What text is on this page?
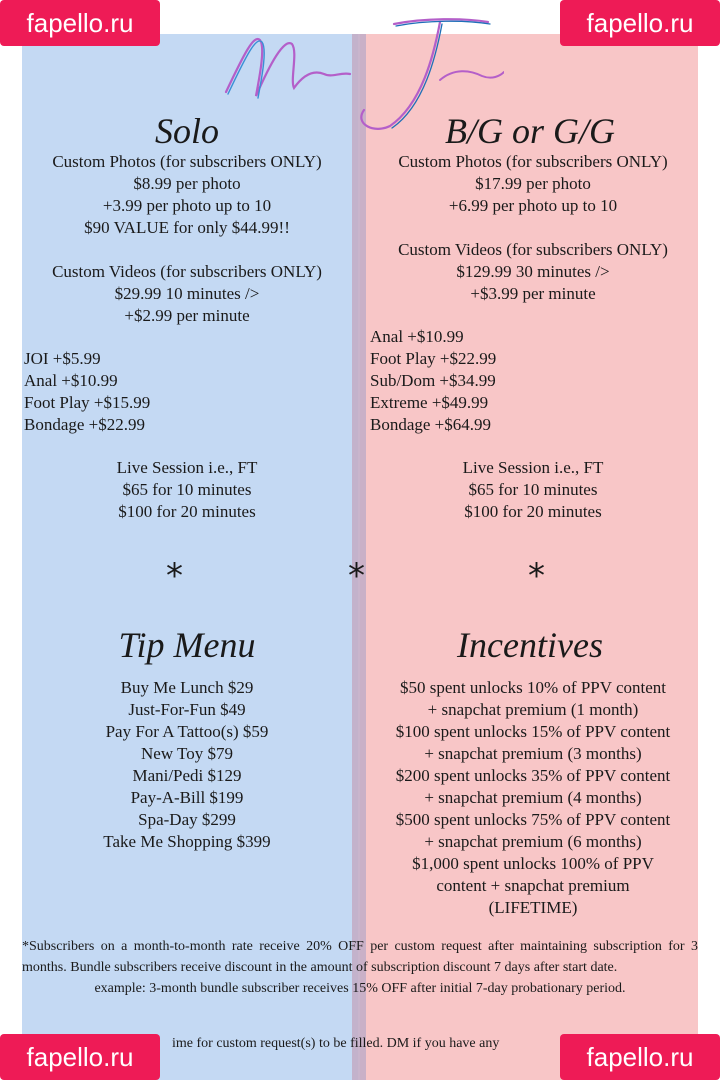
Solo	B/G or G/G
Custom Photos (for subscribers ONLY)
$8.99 per photo
+3.99 per photo up to 10
$90 VALUE for only $44.99!!
Custom Videos (for subscribers ONLY)
$29.99 10 minutes />
+$2.99 per minute
JOI +$5.99
Anal +$10.99
Foot Play +$15.99
Bondage +$22.99
Live Session i.e., FT
$65 for 10 minutes
$100 for 20 minutes
Custom Photos (for subscribers ONLY)
$17.99 per photo
+6.99 per photo up to 10
Custom Videos (for subscribers ONLY)
$129.99 30 minutes />
+$3.99 per minute
Anal +$10.99
Foot Play +$22.99
Sub/Dom +$34.99
Extreme +$49.99
Bondage +$64.99
Live Session i.e., FT
$65 for 10 minutes
$100 for 20 minutes
*	*	*
Tip Menu
Buy Me Lunch $29
Just-For-Fun $49
Pay For A Tattoo(s) $59
New Toy $79
Mani/Pedi $129
Pay-A-Bill $199
Spa-Day $299
Take Me Shopping $399
Incentives
$50 spent unlocks 10% of PPV content
+ snapchat premium (1 month)
$100 spent unlocks 15% of PPV content
+ snapchat premium (3 months)
$200 spent unlocks 35% of PPV content
+ snapchat premium (4 months)
$500 spent unlocks 75% of PPV content
+ snapchat premium (6 months)
$1,000 spent unlocks 100% of PPV
content + snapchat premium
(LIFETIME)
*Subscribers on a month-to-month rate receive 20% OFF per custom request after maintaining subscription for 3 months. Bundle subscribers receive discount in the amount of subscription discount 7 days after start date.
example: 3-month bundle subscriber receives 15% OFF after initial 7-day probationary period.
ime for custom request(s) to be filled. DM if you have any
fapello.ru	fapello.ru
fapello.ru	fapello.ru
